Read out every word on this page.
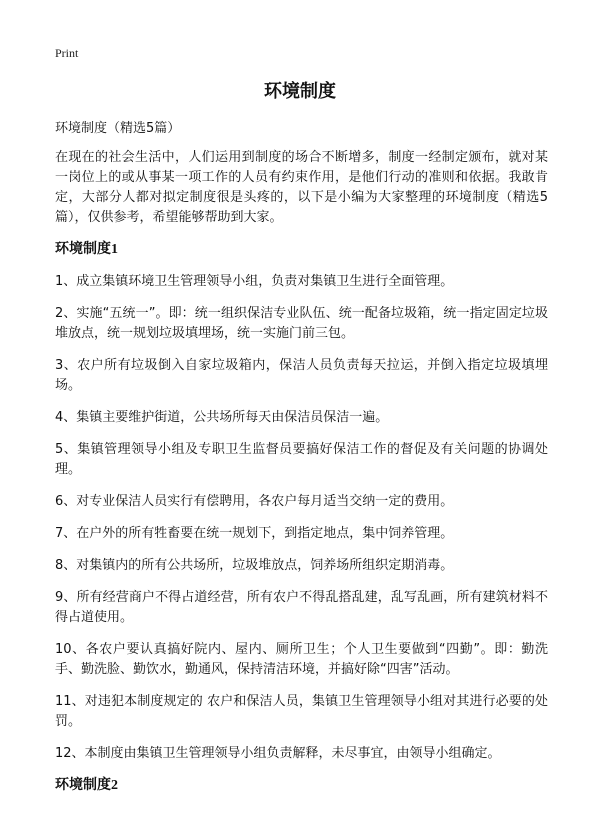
Print
环境制度

环境制度（精选5篇）

在现在的社会生活中，人们运用到制度的场合不断增多，制度一经制定颁布，就对某一岗位上的或从事某一项工作的人员有约束作用，是他们行动的准则和依据。我敢肯定，大部分人都对拟定制度很是头疼的，以下是小编为大家整理的环境制度（精选5篇），仅供参考，希望能够帮助到大家。

环境制度1

1、成立集镇环境卫生管理领导小组，负责对集镇卫生进行全面管理。

2、实施“五统一”。即：统一组织保洁专业队伍、统一配备垃圾箱，统一指定固定垃圾堆放点，统一规划垃圾填埋场，统一实施门前三包。

3、农户所有垃圾倒入自家垃圾箱内，保洁人员负责每天拉运，并倒入指定垃圾填埋场。

4、集镇主要维护街道，公共场所每天由保洁员保洁一遍。

5、集镇管理领导小组及专职卫生监督员要搞好保洁工作的督促及有关问题的协调处理。

6、对专业保洁人员实行有偿聘用，各农户每月适当交纳一定的费用。

7、在户外的所有牲畜要在统一规划下，到指定地点，集中饲养管理。

8、对集镇内的所有公共场所，垃圾堆放点，饲养场所组织定期消毒。

9、所有经营商户不得占道经营，所有农户不得乱搭乱建，乱写乱画，所有建筑材料不得占道使用。

10、各农户要认真搞好院内、屋内、厕所卫生；个人卫生要做到“四勤”。即：勤洗手、勤洗脸、勤饮水，勤通风，保持清洁环境，并搞好除“四害”活动。

11、对违犯本制度规定的 农户和保洁人员，集镇卫生管理领导小组对其进行必要的处罚。

12、本制度由集镇卫生管理领导小组负责解释，未尽事宜，由领导小组确定。

环境制度2
